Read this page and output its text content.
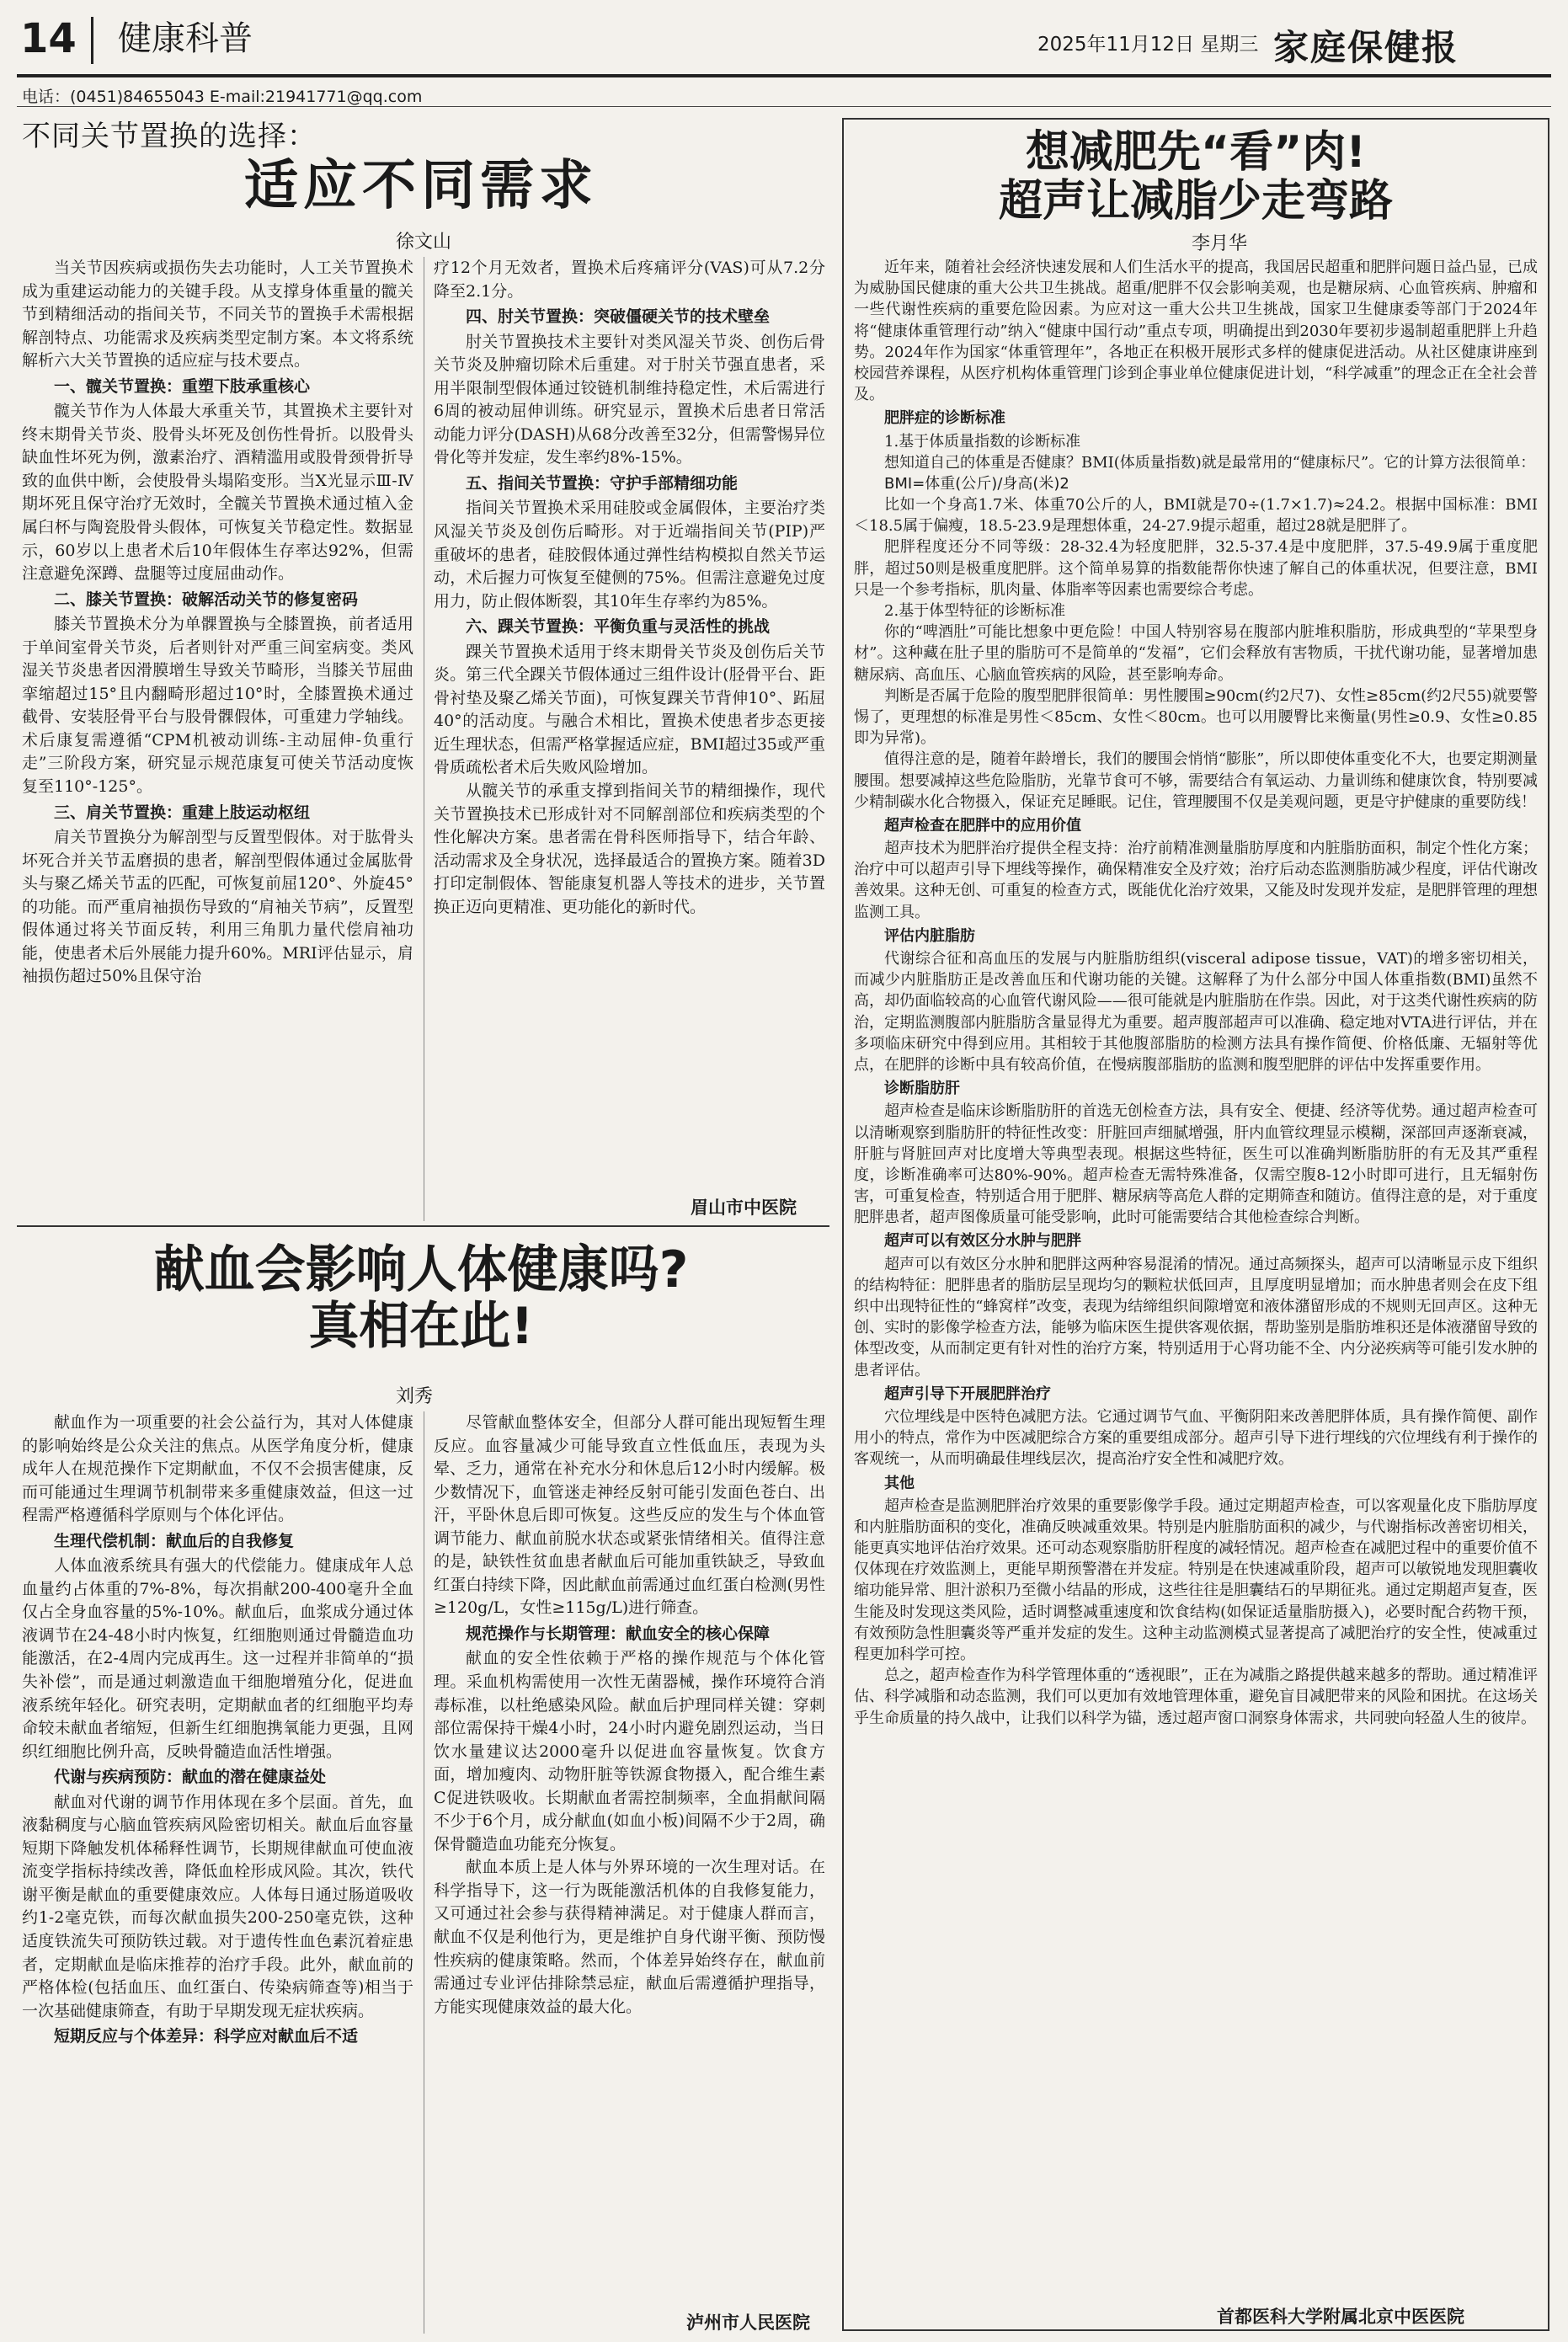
14 健康科普	2025年11月12日 星期三 家庭保健报
电话：(0451)84655043 E-mail:21941771@qq.com
不同关节置换的选择：
适应不同需求
徐文山

当关节因疾病或损伤失去功能时，人工关节置换术成为重建运动能力的关键手段。从支撑身体重量的髋关节到精细活动的指间关节，不同关节的置换手术需根据解剖特点、功能需求及疾病类型定制方案。本文将系统解析六大关节置换的适应症与技术要点。

一、髋关节置换：重塑下肢承重核心

髋关节作为人体最大承重关节，其置换术主要针对终末期骨关节炎、股骨头坏死及创伤性骨折。以股骨头缺血性坏死为例，激素治疗、酒精滥用或股骨颈骨折导致的血供中断，会使股骨头塌陷变形。当X光显示Ⅲ-Ⅳ期坏死且保守治疗无效时，全髋关节置换术通过植入金属臼杯与陶瓷股骨头假体，可恢复关节稳定性。数据显示，60岁以上患者术后10年假体生存率达92%，但需注意避免深蹲、盘腿等过度屈曲动作。

二、膝关节置换：破解活动关节的修复密码

膝关节置换术分为单髁置换与全膝置换，前者适用于单间室骨关节炎，后者则针对严重三间室病变。类风湿关节炎患者因滑膜增生导致关节畸形，当膝关节屈曲挛缩超过15°且内翻畸形超过10°时，全膝置换术通过截骨、安装胫骨平台与股骨髁假体，可重建力学轴线。术后康复需遵循“CPM机被动训练-主动屈伸-负重行走”三阶段方案，研究显示规范康复可使关节活动度恢复至110°-125°。

三、肩关节置换：重建上肢运动枢纽

肩关节置换分为解剖型与反置型假体。对于肱骨头坏死合并关节盂磨损的患者，解剖型假体通过金属肱骨头与聚乙烯关节盂的匹配，可恢复前屈120°、外旋45°的功能。而严重肩袖损伤导致的“肩袖关节病”，反置型假体通过将关节面反转，利用三角肌力量代偿肩袖功能，使患者术后外展能力提升60%。MRI评估显示，肩袖损伤超过50%且保守治

疗12个月无效者，置换术后疼痛评分(VAS)可从7.2分降至2.1分。

四、肘关节置换：突破僵硬关节的技术壁垒

肘关节置换技术主要针对类风湿关节炎、创伤后骨关节炎及肿瘤切除术后重建。对于肘关节强直患者，采用半限制型假体通过铰链机制维持稳定性，术后需进行6周的被动屈伸训练。研究显示，置换术后患者日常活动能力评分(DASH)从68分改善至32分，但需警惕异位骨化等并发症，发生率约8%-15%。

五、指间关节置换：守护手部精细功能

指间关节置换术采用硅胶或金属假体，主要治疗类风湿关节炎及创伤后畸形。对于近端指间关节(PIP)严重破坏的患者，硅胶假体通过弹性结构模拟自然关节运动，术后握力可恢复至健侧的75%。但需注意避免过度用力，防止假体断裂，其10年生存率约为85%。

六、踝关节置换：平衡负重与灵活性的挑战

踝关节置换术适用于终末期骨关节炎及创伤后关节炎。第三代全踝关节假体通过三组件设计(胫骨平台、距骨衬垫及聚乙烯关节面)，可恢复踝关节背伸10°、跖屈40°的活动度。与融合术相比，置换术使患者步态更接近生理状态，但需严格掌握适应症，BMI超过35或严重骨质疏松者术后失败风险增加。

从髋关节的承重支撑到指间关节的精细操作，现代关节置换技术已形成针对不同解剖部位和疾病类型的个性化解决方案。患者需在骨科医师指导下，结合年龄、活动需求及全身状况，选择最适合的置换方案。随着3D打印定制假体、智能康复机器人等技术的进步，关节置换正迈向更精准、更功能化的新时代。

眉山市中医院
献血会影响人体健康吗?
真相在此!
刘秀

献血作为一项重要的社会公益行为，其对人体健康的影响始终是公众关注的焦点。从医学角度分析，健康成年人在规范操作下定期献血，不仅不会损害健康，反而可能通过生理调节机制带来多重健康效益，但这一过程需严格遵循科学原则与个体化评估。

生理代偿机制：献血后的自我修复

人体血液系统具有强大的代偿能力。健康成年人总血量约占体重的7%-8%，每次捐献200-400毫升全血仅占全身血容量的5%-10%。献血后，血浆成分通过体液调节在24-48小时内恢复，红细胞则通过骨髓造血功能激活，在2-4周内完成再生。这一过程并非简单的“损失补偿”，而是通过刺激造血干细胞增殖分化，促进血液系统年轻化。研究表明，定期献血者的红细胞平均寿命较未献血者缩短，但新生红细胞携氧能力更强，且网织红细胞比例升高，反映骨髓造血活性增强。

代谢与疾病预防：献血的潜在健康益处

献血对代谢的调节作用体现在多个层面。首先，血液黏稠度与心脑血管疾病风险密切相关。献血后血容量短期下降触发机体稀释性调节，长期规律献血可使血液流变学指标持续改善，降低血栓形成风险。其次，铁代谢平衡是献血的重要健康效应。人体每日通过肠道吸收约1-2毫克铁，而每次献血损失200-250毫克铁，这种适度铁流失可预防铁过载。对于遗传性血色素沉着症患者，定期献血是临床推荐的治疗手段。此外，献血前的严格体检(包括血压、血红蛋白、传染病筛查等)相当于一次基础健康筛查，有助于早期发现无症状疾病。

短期反应与个体差异：科学应对献血后不适

尽管献血整体安全，但部分人群可能出现短暂生理反应。血容量减少可能导致直立性低血压，表现为头晕、乏力，通常在补充水分和休息后12小时内缓解。极少数情况下，血管迷走神经反射可能引发面色苍白、出汗，平卧休息后即可恢复。这些反应的发生与个体血管调节能力、献血前脱水状态或紧张情绪相关。值得注意的是，缺铁性贫血患者献血后可能加重铁缺乏，导致血红蛋白持续下降，因此献血前需通过血红蛋白检测(男性≥120g/L，女性≥115g/L)进行筛查。

规范操作与长期管理：献血安全的核心保障

献血的安全性依赖于严格的操作规范与个体化管理。采血机构需使用一次性无菌器械，操作环境符合消毒标准，以杜绝感染风险。献血后护理同样关键：穿刺部位需保持干燥4小时，24小时内避免剧烈运动，当日饮水量建议达2000毫升以促进血容量恢复。饮食方面，增加瘦肉、动物肝脏等铁源食物摄入，配合维生素C促进铁吸收。长期献血者需控制频率，全血捐献间隔不少于6个月，成分献血(如血小板)间隔不少于2周，确保骨髓造血功能充分恢复。

献血本质上是人体与外界环境的一次生理对话。在科学指导下，这一行为既能激活机体的自我修复能力，又可通过社会参与获得精神满足。对于健康人群而言，献血不仅是利他行为，更是维护自身代谢平衡、预防慢性疾病的健康策略。然而，个体差异始终存在，献血前需通过专业评估排除禁忌症，献血后需遵循护理指导，方能实现健康效益的最大化。

泸州市人民医院
想减肥先“看”肉!
超声让减脂少走弯路
李月华

近年来，随着社会经济快速发展和人们生活水平的提高，我国居民超重和肥胖问题日益凸显，已成为威胁国民健康的重大公共卫生挑战。超重/肥胖不仅会影响美观，也是糖尿病、心血管疾病、肿瘤和一些代谢性疾病的重要危险因素。为应对这一重大公共卫生挑战，国家卫生健康委等部门于2024年将“健康体重管理行动”纳入“健康中国行动”重点专项，明确提出到2030年要初步遏制超重肥胖上升趋势。2024年作为国家“体重管理年”，各地正在积极开展形式多样的健康促进活动。从社区健康讲座到校园营养课程，从医疗机构体重管理门诊到企事业单位健康促进计划，“科学减重”的理念正在全社会普及。

肥胖症的诊断标准

1.基于体质量指数的诊断标准

想知道自己的体重是否健康？BMI(体质量指数)就是最常用的“健康标尺”。它的计算方法很简单：

BMI=体重(公斤)/身高(米)2

比如一个身高1.7米、体重70公斤的人，BMI就是70÷(1.7×1.7)≈24.2。根据中国标准：BMI＜18.5属于偏瘦，18.5-23.9是理想体重，24-27.9提示超重，超过28就是肥胖了。

肥胖程度还分不同等级：28-32.4为轻度肥胖，32.5-37.4是中度肥胖，37.5-49.9属于重度肥胖，超过50则是极重度肥胖。这个简单易算的指数能帮你快速了解自己的体重状况，但要注意，BMI只是一个参考指标，肌肉量、体脂率等因素也需要综合考虑。

2.基于体型特征的诊断标准

你的“啤酒肚”可能比想象中更危险！中国人特别容易在腹部内脏堆积脂肪，形成典型的“苹果型身材”。这种藏在肚子里的脂肪可不是简单的“发福”，它们会释放有害物质，干扰代谢功能，显著增加患糖尿病、高血压、心脑血管疾病的风险，甚至影响寿命。

判断是否属于危险的腹型肥胖很简单：男性腰围≥90cm(约2尺7)、女性≥85cm(约2尺55)就要警惕了，更理想的标准是男性＜85cm、女性＜80cm。也可以用腰臀比来衡量(男性≥0.9、女性≥0.85即为异常)。

值得注意的是，随着年龄增长，我们的腰围会悄悄“膨胀”，所以即使体重变化不大，也要定期测量腰围。想要减掉这些危险脂肪，光靠节食可不够，需要结合有氧运动、力量训练和健康饮食，特别要减少精制碳水化合物摄入，保证充足睡眠。记住，管理腰围不仅是美观问题，更是守护健康的重要防线！

超声检查在肥胖中的应用价值

超声技术为肥胖治疗提供全程支持：治疗前精准测量脂肪厚度和内脏脂肪面积，制定个性化方案；治疗中可以超声引导下埋线等操作，确保精准安全及疗效；治疗后动态监测脂肪减少程度，评估代谢改善效果。这种无创、可重复的检查方式，既能优化治疗效果，又能及时发现并发症，是肥胖管理的理想监测工具。

评估内脏脂肪

代谢综合征和高血压的发展与内脏脂肪组织(visceral adipose tissue，VAT)的增多密切相关，而减少内脏脂肪正是改善血压和代谢功能的关键。这解释了为什么部分中国人体重指数(BMI)虽然不高，却仍面临较高的心血管代谢风险——很可能就是内脏脂肪在作祟。因此，对于这类代谢性疾病的防治，定期监测腹部内脏脂肪含量显得尤为重要。超声腹部超声可以准确、稳定地对VTA进行评估，并在多项临床研究中得到应用。其相较于其他腹部脂肪的检测方法具有操作简便、价格低廉、无辐射等优点，在肥胖的诊断中具有较高价值，在慢病腹部脂肪的监测和腹型肥胖的评估中发挥重要作用。

诊断脂肪肝

超声检查是临床诊断脂肪肝的首选无创检查方法，具有安全、便捷、经济等优势。通过超声检查可以清晰观察到脂肪肝的特征性改变：肝脏回声细腻增强，肝内血管纹理显示模糊，深部回声逐渐衰减，肝脏与肾脏回声对比度增大等典型表现。根据这些特征，医生可以准确判断脂肪肝的有无及其严重程度，诊断准确率可达80%-90%。超声检查无需特殊准备，仅需空腹8-12小时即可进行，且无辐射伤害，可重复检查，特别适合用于肥胖、糖尿病等高危人群的定期筛查和随访。值得注意的是，对于重度肥胖患者，超声图像质量可能受影响，此时可能需要结合其他检查综合判断。

超声可以有效区分水肿与肥胖

超声可以有效区分水肿和肥胖这两种容易混淆的情况。通过高频探头，超声可以清晰显示皮下组织的结构特征：肥胖患者的脂肪层呈现均匀的颗粒状低回声，且厚度明显增加；而水肿患者则会在皮下组织中出现特征性的“蜂窝样”改变，表现为结缔组织间隙增宽和液体潴留形成的不规则无回声区。这种无创、实时的影像学检查方法，能够为临床医生提供客观依据，帮助鉴别是脂肪堆积还是体液潴留导致的体型改变，从而制定更有针对性的治疗方案，特别适用于心肾功能不全、内分泌疾病等可能引发水肿的患者评估。

超声引导下开展肥胖治疗

穴位埋线是中医特色减肥方法。它通过调节气血、平衡阴阳来改善肥胖体质，具有操作简便、副作用小的特点，常作为中医减肥综合方案的重要组成部分。超声引导下进行埋线的穴位埋线有利于操作的客观统一，从而明确最佳埋线层次，提高治疗安全性和减肥疗效。

其他

超声检查是监测肥胖治疗效果的重要影像学手段。通过定期超声检查，可以客观量化皮下脂肪厚度和内脏脂肪面积的变化，准确反映减重效果。特别是内脏脂肪面积的减少，与代谢指标改善密切相关，能更真实地评估治疗效果。还可动态观察脂肪肝程度的减轻情况。超声检查在减肥过程中的重要价值不仅体现在疗效监测上，更能早期预警潜在并发症。特别是在快速减重阶段，超声可以敏锐地发现胆囊收缩功能异常、胆汁淤积乃至微小结晶的形成，这些往往是胆囊结石的早期征兆。通过定期超声复查，医生能及时发现这类风险，适时调整减重速度和饮食结构(如保证适量脂肪摄入)，必要时配合药物干预，有效预防急性胆囊炎等严重并发症的发生。这种主动监测模式显著提高了减肥治疗的安全性，使减重过程更加科学可控。

总之，超声检查作为科学管理体重的“透视眼”，正在为减脂之路提供越来越多的帮助。通过精准评估、科学减脂和动态监测，我们可以更加有效地管理体重，避免盲目减肥带来的风险和困扰。在这场关乎生命质量的持久战中，让我们以科学为锚，透过超声窗口洞察身体需求，共同驶向轻盈人生的彼岸。

首都医科大学附属北京中医医院
